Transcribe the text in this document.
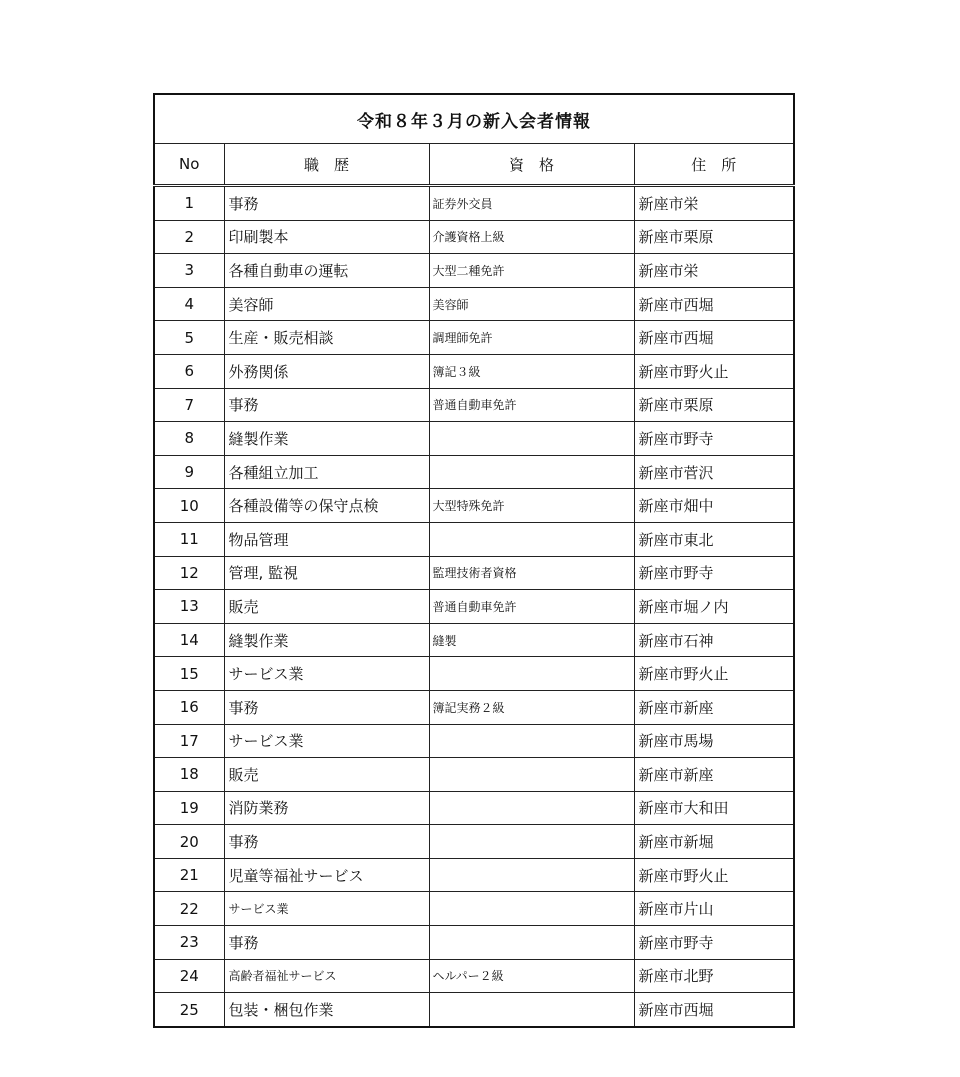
令和８年３月の新入会者情報			
No	職　歴	資　格	住　所
1	事務	証券外交員	新座市栄
2	印刷製本	介護資格上級	新座市栗原
3	各種自動車の運転	大型二種免許	新座市栄
4	美容師	美容師	新座市西堀
5	生産・販売相談	調理師免許	新座市西堀
6	外務関係	簿記３級	新座市野火止
7	事務	普通自動車免許	新座市栗原
8	縫製作業		新座市野寺
9	各種組立加工		新座市菅沢
10	各種設備等の保守点検	大型特殊免許	新座市畑中
11	物品管理		新座市東北
12	管理, 監視	監理技術者資格	新座市野寺
13	販売	普通自動車免許	新座市堀ノ内
14	縫製作業	縫製	新座市石神
15	サービス業		新座市野火止
16	事務	簿記実務２級	新座市新座
17	サービス業		新座市馬場
18	販売		新座市新座
19	消防業務		新座市大和田
20	事務		新座市新堀
21	児童等福祉サービス		新座市野火止
22	サービス業		新座市片山
23	事務		新座市野寺
24	高齢者福祉サービス	ヘルパー２級	新座市北野
25	包装・梱包作業		新座市西堀
